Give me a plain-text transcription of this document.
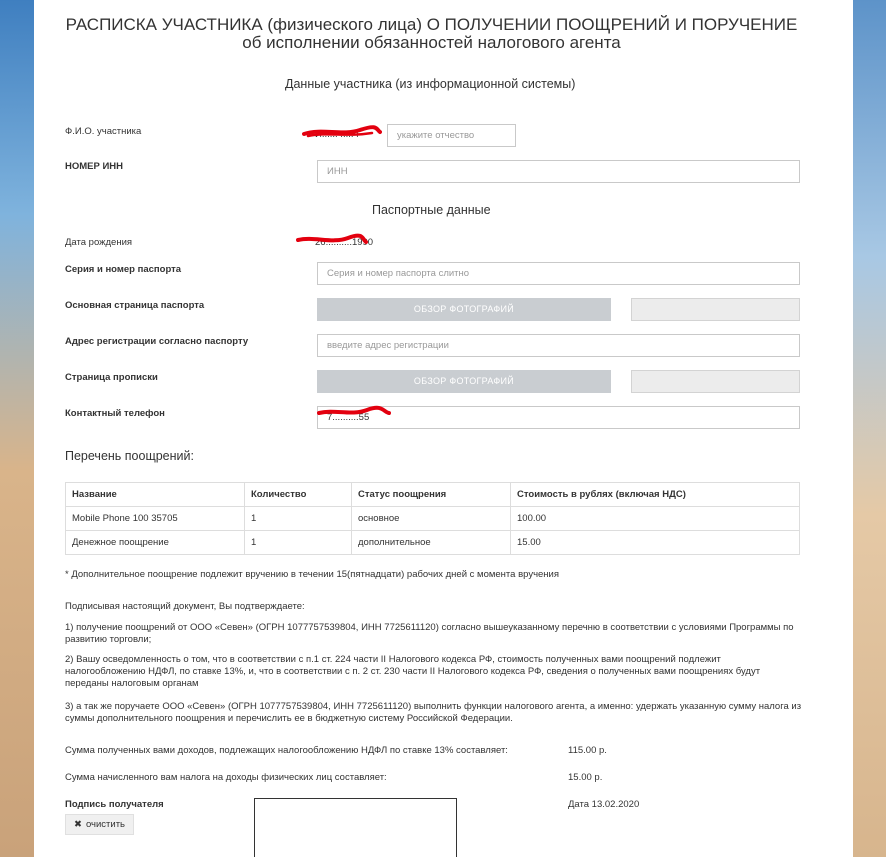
РАСПИСКА УЧАСТНИКА (физического лица) О ПОЛУЧЕНИИ ПООЩРЕНИЙ И ПОРУЧЕНИЕ
об исполнении обязанностей налогового агента
Данные участника (из информационной системы)
Ф.И.О. участника	И...... .....ч	укажите отчество
НОМЕР ИНН	ИНН
Паспортные данные
Дата рождения	26..........1990
Серия и номер паспорта	Серия и номер паспорта слитно
Основная страница паспорта	ОБЗОР ФОТОГРАФИЙ
Адрес регистрации согласно паспорту	введите адрес регистрации
Страница прописки	ОБЗОР ФОТОГРАФИЙ
Контактный телефон	7..........55
Перечень поощрений:
Название	Количество	Статус поощрения	Стоимость в рублях (включая НДС)
Mobile Phone 100 35705	1	основное	100.00
Денежное поощрение	1	дополнительное	15.00
* Дополнительное поощрение подлежит вручению в течении 15(пятнадцати) рабочих дней с момента вручения
Подписывая настоящий документ, Вы подтверждаете:
1) получение поощрений от ООО «Севен» (ОГРН 1077757539804, ИНН 7725611120) согласно вышеуказанному перечню в соответствии с условиями Программы по развитию торговли;
2) Вашу осведомленность о том, что в соответствии с п.1 ст. 224 части II Налогового кодекса РФ, стоимость полученных вами поощрений подлежит налогообложению НДФЛ, по ставке 13%, и, что в соответствии с п. 2 ст. 230 части II Налогового кодекса РФ, сведения о полученных вами поощрениях будут переданы налоговым органам
3) а так же поручаете ООО «Севен» (ОГРН 1077757539804, ИНН 7725611120) выполнить функции налогового агента, а именно: удержать указанную сумму налога из суммы дополнительного поощрения и перечислить ее в бюджетную систему Российской Федерации.
Сумма полученных вами доходов, подлежащих налогообложению НДФЛ по ставке 13% составляет:	115.00 р.
Сумма начисленного вам налога на доходы физических лиц составляет:	15.00 р.
Подпись получателя	Дата 13.02.2020
✖ очистить
